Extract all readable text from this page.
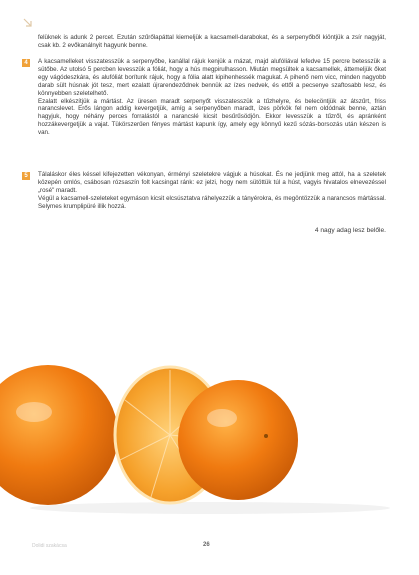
felüknek is adunk 2 percet. Ezután szűrőlapáttal kiemeljük a kacsamell-darabokat, és a serpenyőből kiöntjük a zsír nagyját, csak kb. 2 evőkanálnyit hagyunk benne.
4	A kacsamelleket visszatesszük a serpenyőbe, kanállal rájuk kenjük a mázat, majd alufóliával lefedve 15 percre betesszük a sütőbe. Az utolsó 5 percben levesszük a fóliát, hogy a hús megpirulhasson. Miután megsültek a kacsamellek, áttemeljük őket egy vágódeszkára, és alufóliát borítunk rájuk, hogy a fólia alatt kipihenhessék magukat. A pihenő nem vicc, minden nagyobb darab sült húsnak jót tesz, mert ezalatt újrarendeződnek bennük az ízes nedvek, és ettől a pecsenye szaftosabb lesz, és könnyebben szeletelhető.
Ezalatt elkészítjük a mártást. Az üresen maradt serpenyőt visszatesszük a tűzhelyre, és belecöntjük az átszűrt, friss narancslevet. Erős lángon addig kevergetjük, amíg a serpenyőben maradt, ízes pörkök fel nem oldódnak benne, aztán hagyjuk, hogy néhány perces forralástól a narancslé kicsit besűrűsödjön. Ekkor levesszük a tűzről, és apránként hozzákevergetjük a vajat. Tükörszerűen fényes mártást kapunk így, amely egy könnyű kezű sózás-borsozás után készen is van.
5	Tálaláskor éles késsel kifejezetten vékonyan, érményi szeletekre vágjuk a húsokat. És ne jedjünk meg attól, ha a szeletek közepén omlós, csábosan rózsaszín folt kacsingat ránk: ez jelzi, hogy nem sütöttük túl a húst, vagyis hivatalos elnevezéssel „rosé" maradt.
Végül a kacsamell-szeleteket egymáson kicsit elcsúsztatva ráhelyezzük a tányérokra, és megöntözzük a narancsos mártással. Selymes krumplipüré illik hozzá.
4 nagy adag lesz belőle.
Dolidi szakácsa	26
